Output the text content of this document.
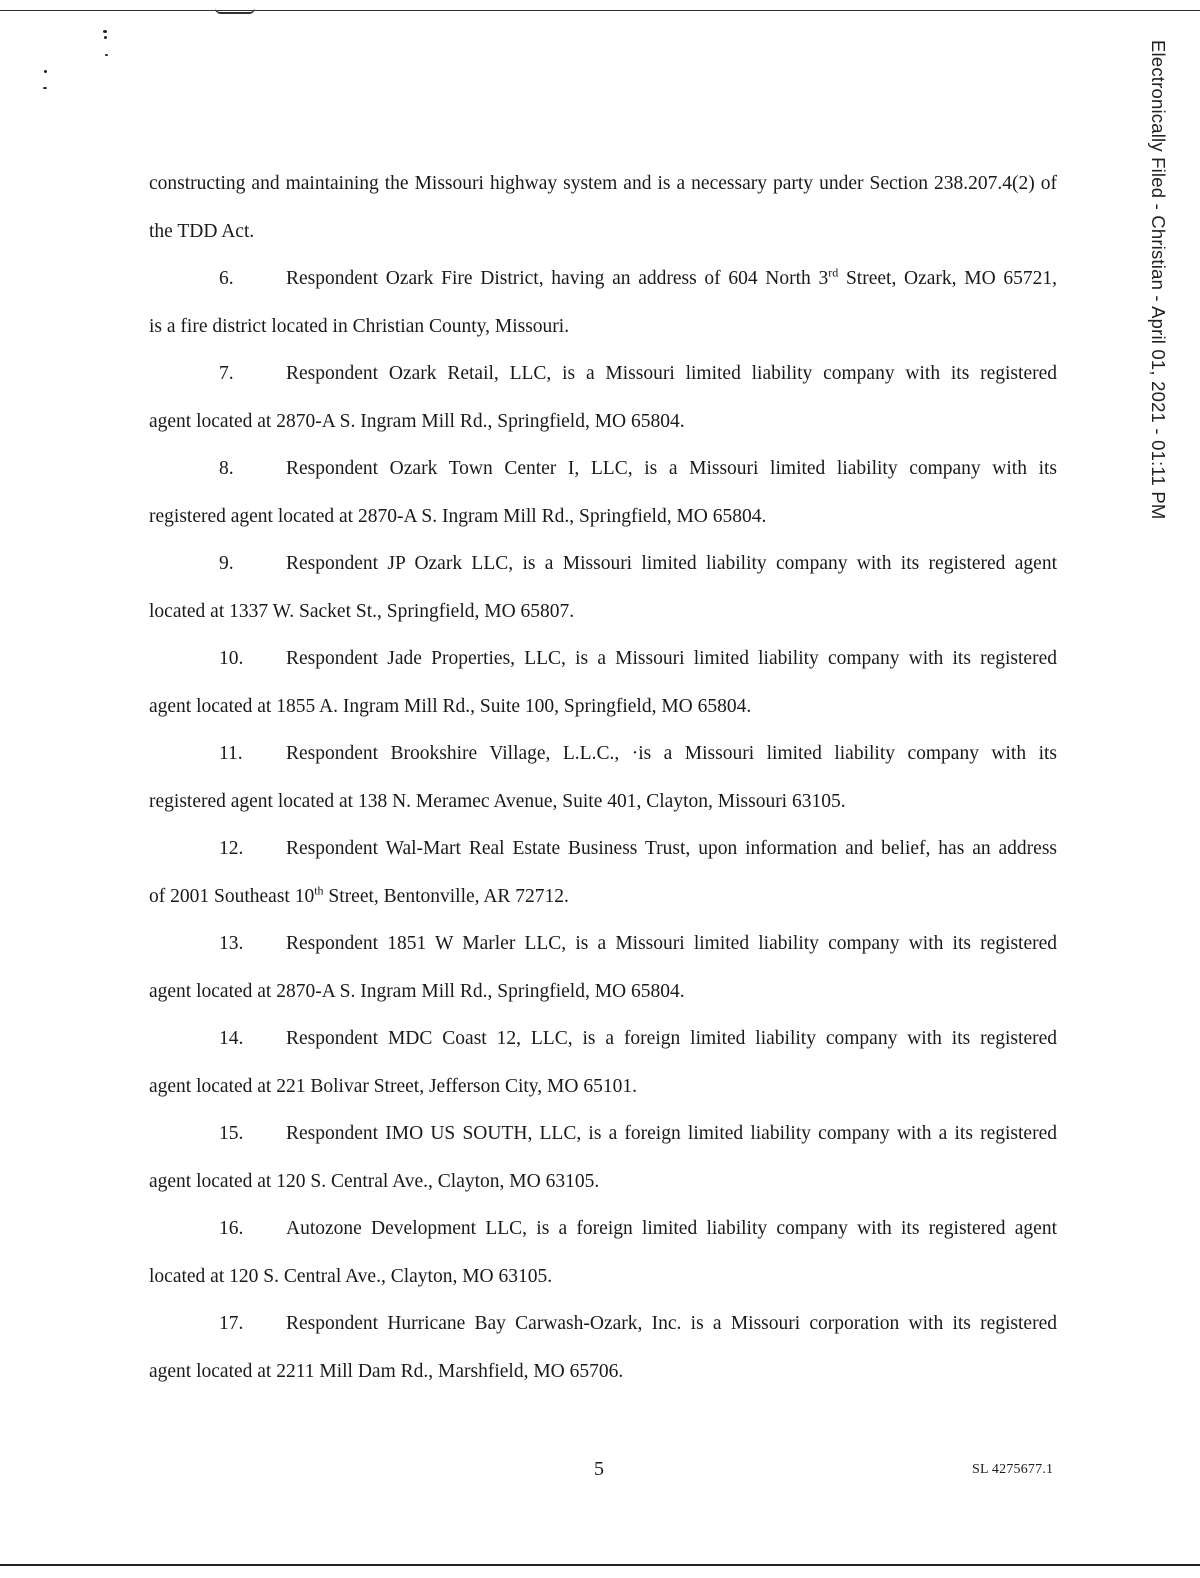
Electronically Filed - Christian - April 01, 2021 - 01:11 PM

constructing and maintaining the Missouri highway system and is a necessary party under Section 238.207.4(2) of the TDD Act.

6.	Respondent Ozark Fire District, having an address of 604 North 3rd Street, Ozark, MO 65721,
is a fire district located in Christian County, Missouri.

7.	Respondent Ozark Retail, LLC, is a Missouri limited liability company with its registered
agent located at 2870-A S. Ingram Mill Rd., Springfield, MO 65804.

8.	Respondent Ozark Town Center I, LLC, is a Missouri limited liability company with its
registered agent located at 2870-A S. Ingram Mill Rd., Springfield, MO 65804.

9.	Respondent JP Ozark LLC, is a Missouri limited liability company with its registered agent
located at 1337 W. Sacket St., Springfield, MO 65807.

10. Respondent Jade Properties, LLC, is a Missouri limited liability company with its registered
agent located at 1855 A. Ingram Mill Rd., Suite 100, Springfield, MO 65804.

11. Respondent Brookshire Village, L.L.C., ·is a Missouri limited liability company with its
registered agent located at 138 N. Meramec Avenue, Suite 401, Clayton, Missouri 63105.

12. Respondent Wal-Mart Real Estate Business Trust, upon information and belief, has an address
of 2001 Southeast 10th Street, Bentonville, AR 72712.

13. Respondent 1851 W Marler LLC, is a Missouri limited liability company with its registered
agent located at 2870-A S. Ingram Mill Rd., Springfield, MO 65804.

14. Respondent MDC Coast 12, LLC, is a foreign limited liability company with its registered
agent located at 221 Bolivar Street, Jefferson City, MO 65101.

15. Respondent IMO US SOUTH, LLC, is a foreign limited liability company with a its registered
agent located at 120 S. Central Ave., Clayton, MO 63105.

16. Autozone Development LLC, is a foreign limited liability company with its registered agent
located at 120 S. Central Ave., Clayton, MO 63105.

17. Respondent Hurricane Bay Carwash-Ozark, Inc. is a Missouri corporation with its registered
agent located at 2211 Mill Dam Rd., Marshfield, MO 65706.

5	SL 4275677.1
